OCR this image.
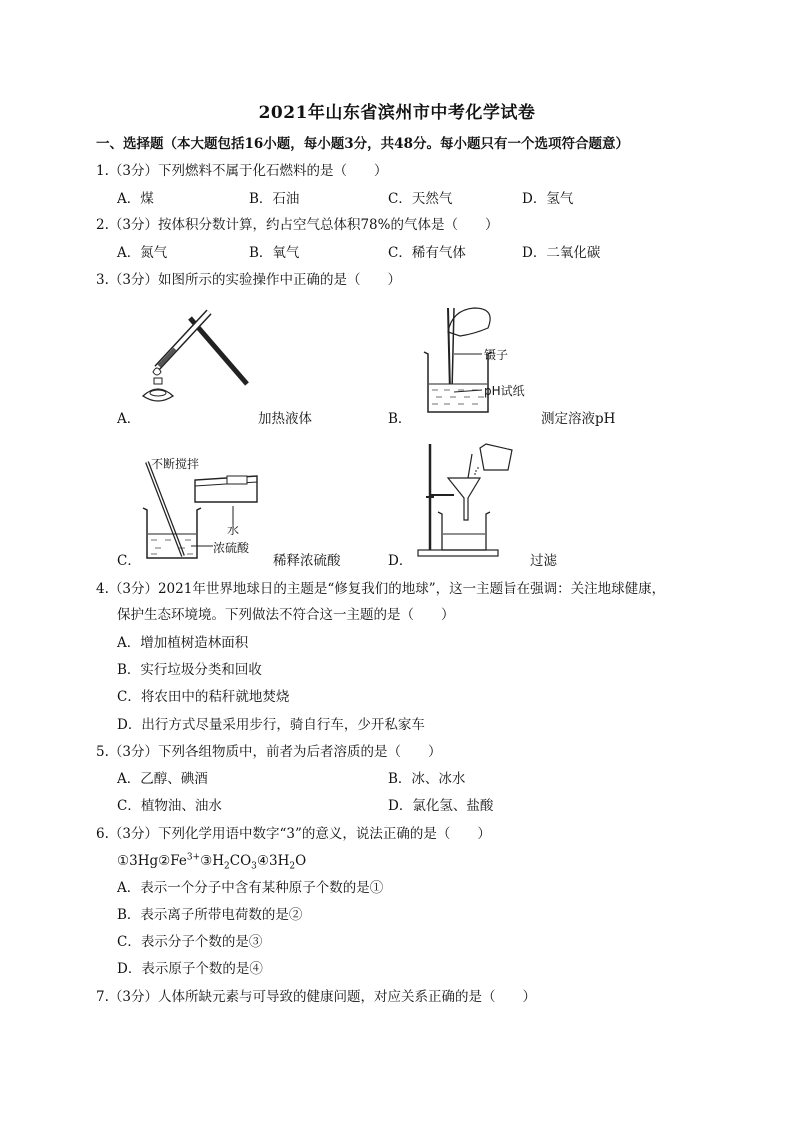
2021年山东省滨州市中考化学试卷
一、选择题（本大题包括16小题，每小题3分，共48分。每小题只有一个选项符合题意）
1.（3分）下列燃料不属于化石燃料的是（　　）
A．煤	B．石油	C．天然气	D．氢气
2.（3分）按体积分数计算，约占空气总体积78%的气体是（　　）
A．氮气	B．氧气	C．稀有气体	D．二氧化碳
3.（3分）如图所示的实验操作中正确的是（　　）
A．	加热液体
镊子
pH试纸
B．	测定溶液pH
不断搅拌
水
浓硫酸
C．	稀释浓硫酸	D．	过滤
4.（3分）2021年世界地球日的主题是“修复我们的地球”，这一主题旨在强调：关注地球健康，
保护生态环境境。下列做法不符合这一主题的是（　　）
A．增加植树造林面积
B．实行垃圾分类和回收
C．将农田中的秸秆就地焚烧
D．出行方式尽量采用步行，骑自行车，少开私家车
5.（3分）下列各组物质中，前者为后者溶质的是（　　）
A．乙醇、碘酒	B．冰、冰水
C．植物油、油水	D．氯化氢、盐酸
6.（3分）下列化学用语中数字“3”的意义，说法正确的是（　　）
$①3Hg②Fe^{3+}③H_2CO_3④3H_2O$
A．表示一个分子中含有某种原子个数的是①
B．表示离子所带电荷数的是②
C．表示分子个数的是③
D．表示原子个数的是④
7.（3分）人体所缺元素与可导致的健康问题，对应关系正确的是（　　）
